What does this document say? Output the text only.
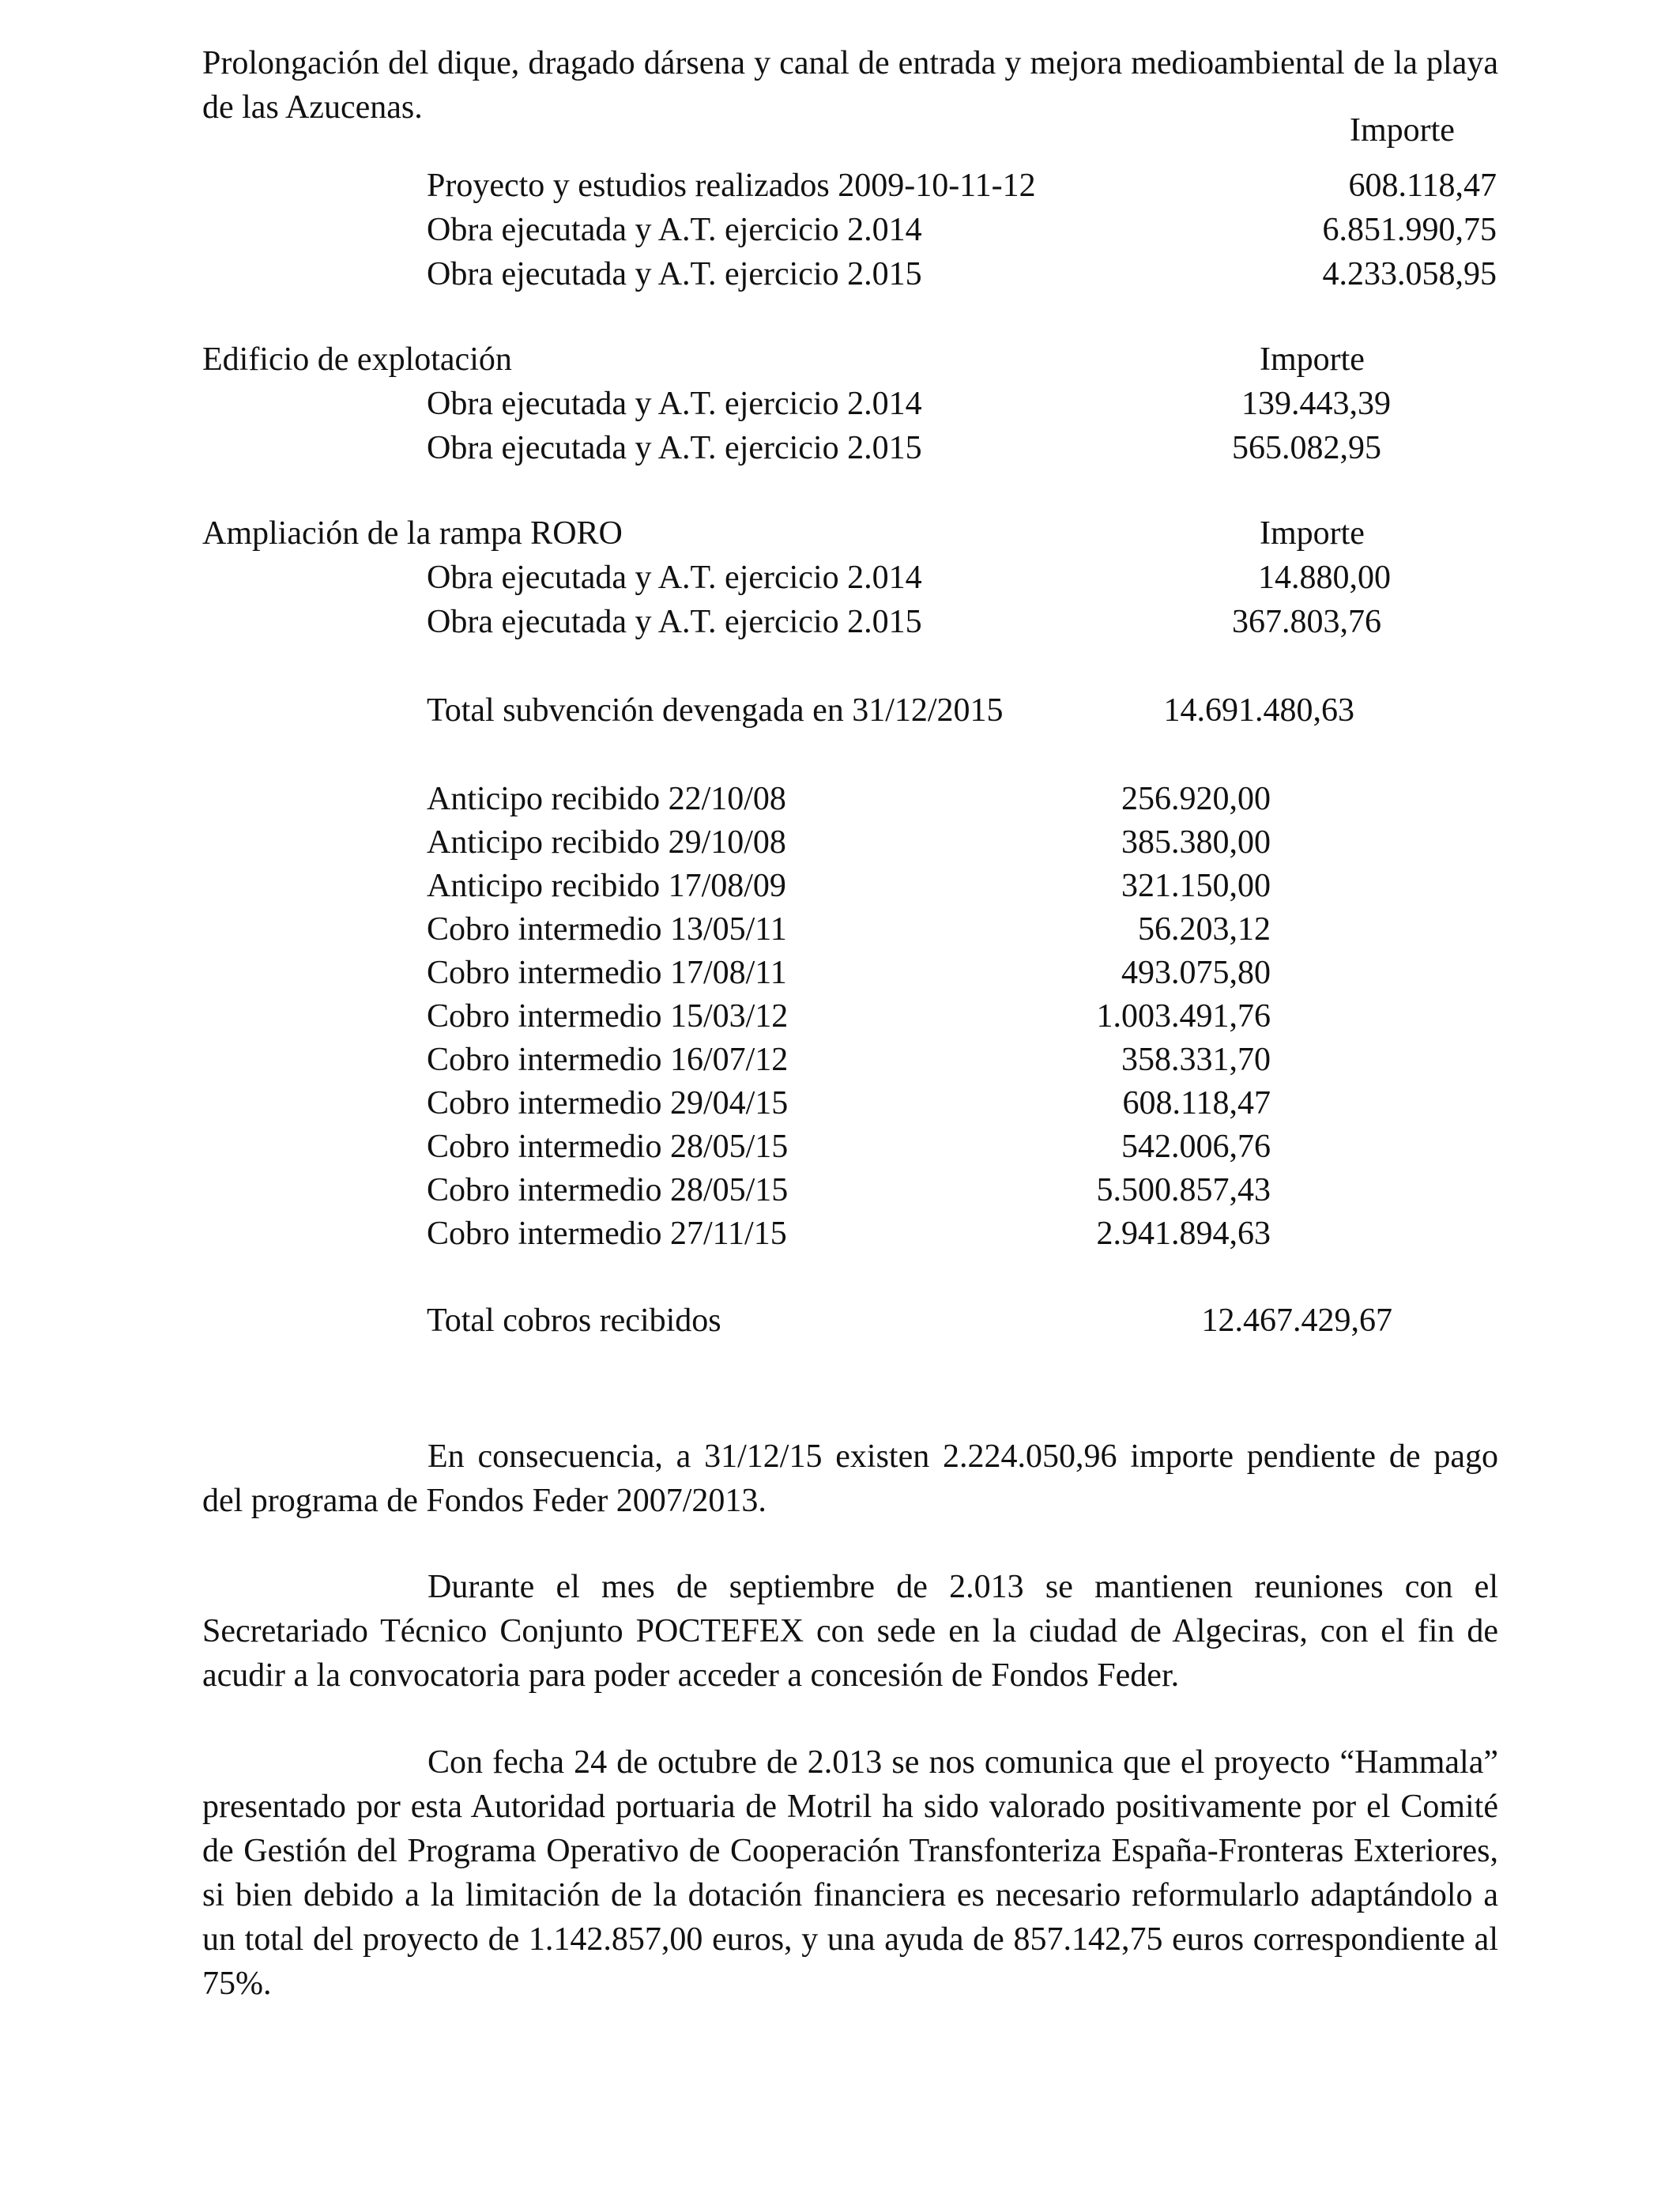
Prolongación del dique, dragado dársena y canal de entrada y mejora medioambiental de la playa de las Azucenas.
Importe
Proyecto y estudios realizados 2009-10-11-12	608.118,47
Obra ejecutada y A.T. ejercicio 2.014	6.851.990,75
Obra ejecutada y A.T. ejercicio 2.015	4.233.058,95
Edificio de explotación	Importe
Obra ejecutada y A.T. ejercicio 2.014	139.443,39
Obra ejecutada y A.T. ejercicio 2.015	565.082,95
Ampliación de la rampa RORO	Importe
Obra ejecutada y A.T. ejercicio 2.014	14.880,00
Obra ejecutada y A.T. ejercicio 2.015	367.803,76
Total subvención devengada en 31/12/2015	14.691.480,63
Anticipo recibido 22/10/08	256.920,00
Anticipo recibido 29/10/08	385.380,00
Anticipo recibido 17/08/09	321.150,00
Cobro intermedio 13/05/11	56.203,12
Cobro intermedio 17/08/11	493.075,80
Cobro intermedio 15/03/12	1.003.491,76
Cobro intermedio 16/07/12	358.331,70
Cobro intermedio 29/04/15	608.118,47
Cobro intermedio 28/05/15	542.006,76
Cobro intermedio 28/05/15	5.500.857,43
Cobro intermedio 27/11/15	2.941.894,63
Total cobros recibidos	12.467.429,67
En consecuencia, a 31/12/15 existen 2.224.050,96 importe pendiente de pago del programa de Fondos Feder 2007/2013.
Durante el mes de septiembre de 2.013 se mantienen reuniones con el Secretariado Técnico Conjunto POCTEFEX con sede en la ciudad de Algeciras, con el fin de acudir a la convocatoria para poder acceder a concesión de Fondos Feder.
Con fecha 24 de octubre de 2.013 se nos comunica que el proyecto “Hammala” presentado por esta Autoridad portuaria de Motril ha sido valorado positivamente por el Comité de Gestión del Programa Operativo de Cooperación Transfonteriza España-Fronteras Exteriores, si bien debido a la limitación de la dotación financiera es necesario reformularlo adaptándolo a un total del proyecto de 1.142.857,00 euros, y una ayuda de 857.142,75 euros correspondiente al 75%.
